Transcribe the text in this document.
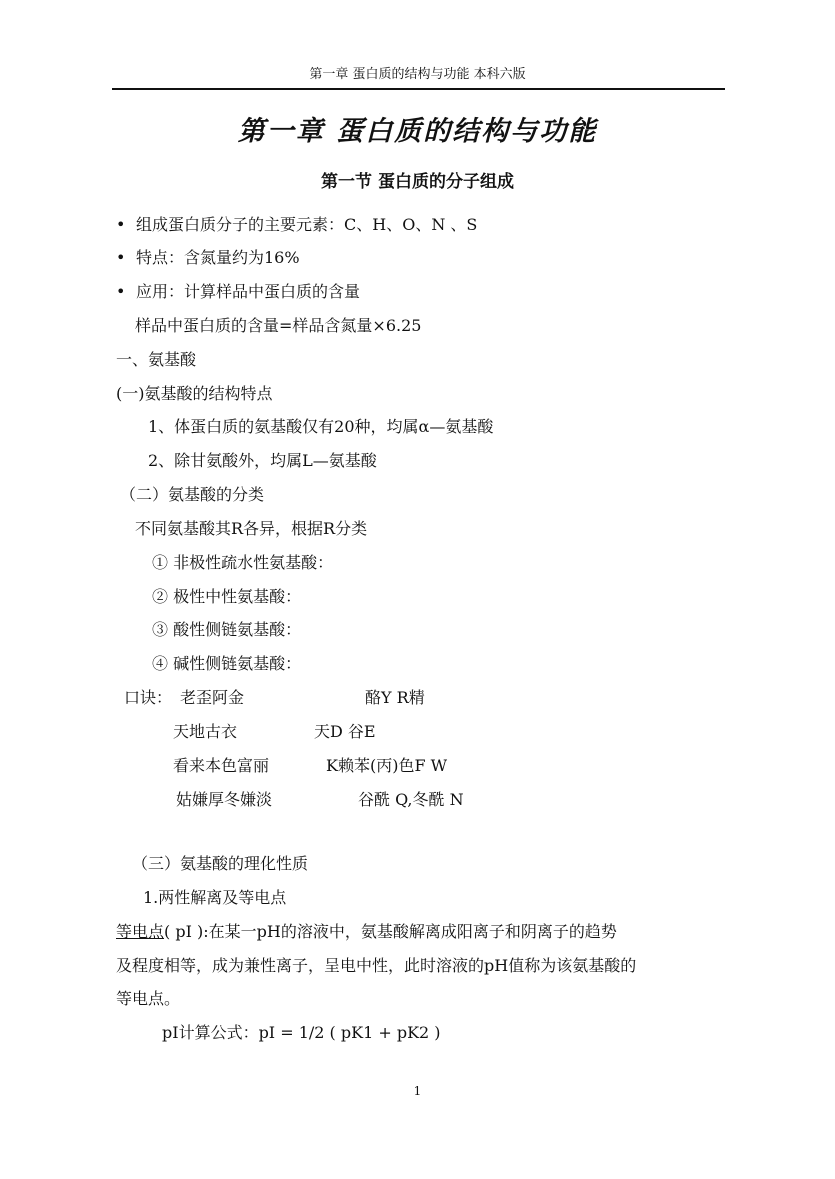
第一章 蛋白质的结构与功能 本科六版
第一章 蛋白质的结构与功能
第一节 蛋白质的分子组成
• 组成蛋白质分子的主要元素：C、H、O、N 、S
• 特点：含氮量约为16%
• 应用：计算样品中蛋白质的含量
样品中蛋白质的含量=样品含氮量×6.25
一、氨基酸
(一)氨基酸的结构特点
1、体蛋白质的氨基酸仅有20种，均属α—氨基酸
2、除甘氨酸外，均属L—氨基酸
（二）氨基酸的分类
不同氨基酸其R各异，根据R分类
① 非极性疏水性氨基酸：
② 极性中性氨基酸：
③ 酸性侧链氨基酸：
④ 碱性侧链氨基酸：
口诀： 老歪阿金	酪Y R精
天地古衣	天D 谷E
看来本色富丽	K赖苯(丙)色F W
姑嫌厚冬嫌淡	谷酰 Q,冬酰 N
（三）氨基酸的理化性质
1.两性解离及等电点
等电点( pI ):在某一pH的溶液中，氨基酸解离成阳离子和阴离子的趋势
及程度相等，成为兼性离子，呈电中性，此时溶液的pH值称为该氨基酸的
等电点。
pI计算公式：pI = 1/2 ( pK1 + pK2 )
1
